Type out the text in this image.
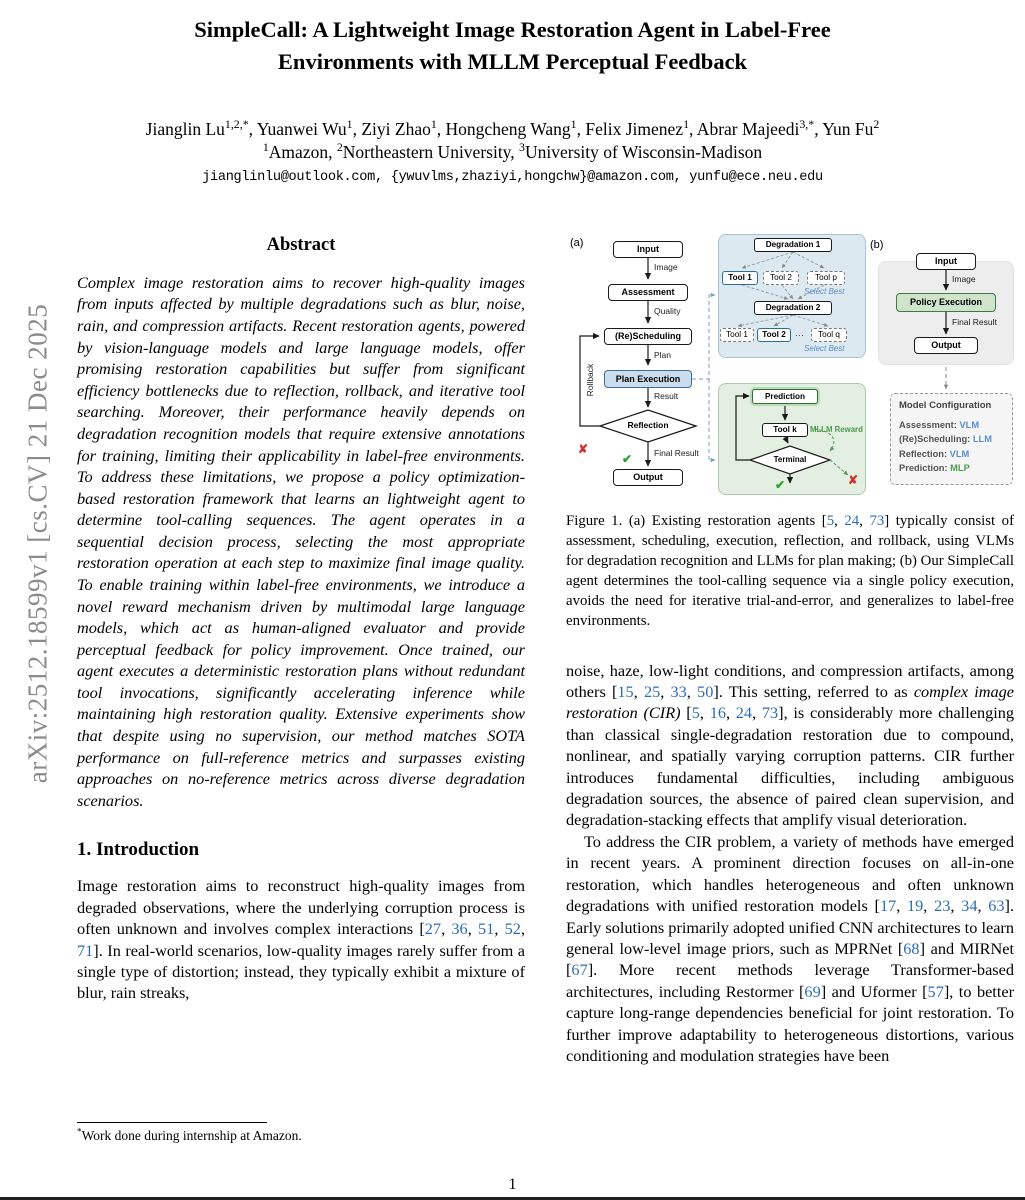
arXiv:2512.18599v1 [cs.CV] 21 Dec 2025
SimpleCall: A Lightweight Image Restoration Agent in Label-Free
Environments with MLLM Perceptual Feedback
Jianglin $Lu^{1,2,*}$, Yuanwei Wu$^1$, Ziyi Zhao$^1$, Hongcheng Wang$^1$, Felix Jimenez$^1$, Abrar Majeedi$^{3,*}$, Yun Fu$^2$
$^1$Amazon, $^2$Northeastern University, $^3$University of Wisconsin-Madison
jianglinlu@outlook.com, {ywuvlms,zhaziyi,hongchw}@amazon.com, yunfu@ece.neu.edu
Abstract
Complex image restoration aims to recover high-quality images from inputs affected by multiple degradations such as blur, noise, rain, and compression artifacts. Recent restoration agents, powered by vision-language models and large language models, offer promising restoration capabilities but suffer from significant efficiency bottlenecks due to reflection, rollback, and iterative tool searching. Moreover, their performance heavily depends on degradation recognition models that require extensive annotations for training, limiting their applicability in label-free environments. To address these limitations, we propose a policy optimization-based restoration framework that learns an lightweight agent to determine tool-calling sequences. The agent operates in a sequential decision process, selecting the most appropriate restoration operation at each step to maximize final image quality. To enable training within label-free environments, we introduce a novel reward mechanism driven by multimodal large language models, which act as human-aligned evaluator and provide perceptual feedback for policy improvement. Once trained, our agent executes a deterministic restoration plans without redundant tool invocations, significantly accelerating inference while maintaining high restoration quality. Extensive experiments show that despite using no supervision, our method matches SOTA performance on full-reference metrics and surpasses existing approaches on no-reference metrics across diverse degradation scenarios.
1. Introduction
Image restoration aims to reconstruct high-quality images from degraded observations, where the underlying corruption process is often unknown and involves complex interactions [27, 36, 51, 52, 71]. In real-world scenarios, low-quality images rarely suffer from a single type of distortion; instead, they typically exhibit a mixture of blur, rain streaks,
(a)
Input
Image
Assessment
Quality
(Re)Scheduling
Plan
Plan Execution
Result
Reflection
Final Result
Output
Rollback
✘
✔
Degradation 1
Tool 1	Tool 2	Tool p
Select Best
Degradation 2
Tool 1	Tool 2	···	Tool q
Select Best
Prediction
Tool k	MLLM Reward
Terminal
✔	✘
(b)
Input
Image
Policy Execution
Final Result
Output
Model Configuration
Assessment: VLM
(Re)Scheduling: LLM
Reflection: VLM
Prediction: MLP
Figure 1. (a) Existing restoration agents [5, 24, 73] typically consist of assessment, scheduling, execution, reflection, and rollback, using VLMs for degradation recognition and LLMs for plan making; (b) Our SimpleCall agent determines the tool-calling sequence via a single policy execution, avoids the need for iterative trial-and-error, and generalizes to label-free environments.
noise, haze, low-light conditions, and compression artifacts, among others [15, 25, 33, 50]. This setting, referred to as complex image restoration (CIR) [5, 16, 24, 73], is considerably more challenging than classical single-degradation restoration due to compound, nonlinear, and spatially varying corruption patterns. CIR further introduces fundamental difficulties, including ambiguous degradation sources, the absence of paired clean supervision, and degradation-stacking effects that amplify visual deterioration.
To address the CIR problem, a variety of methods have emerged in recent years. A prominent direction focuses on all-in-one restoration, which handles heterogeneous and often unknown degradations with unified restoration models [17, 19, 23, 34, 63]. Early solutions primarily adopted unified CNN architectures to learn general low-level image priors, such as MPRNet [68] and MIRNet [67]. More recent methods leverage Transformer-based architectures, including Restormer [69] and Uformer [57], to better capture long-range dependencies beneficial for joint restoration. To further improve adaptability to heterogeneous distortions, various conditioning and modulation strategies have been
*Work done during internship at Amazon.
1
